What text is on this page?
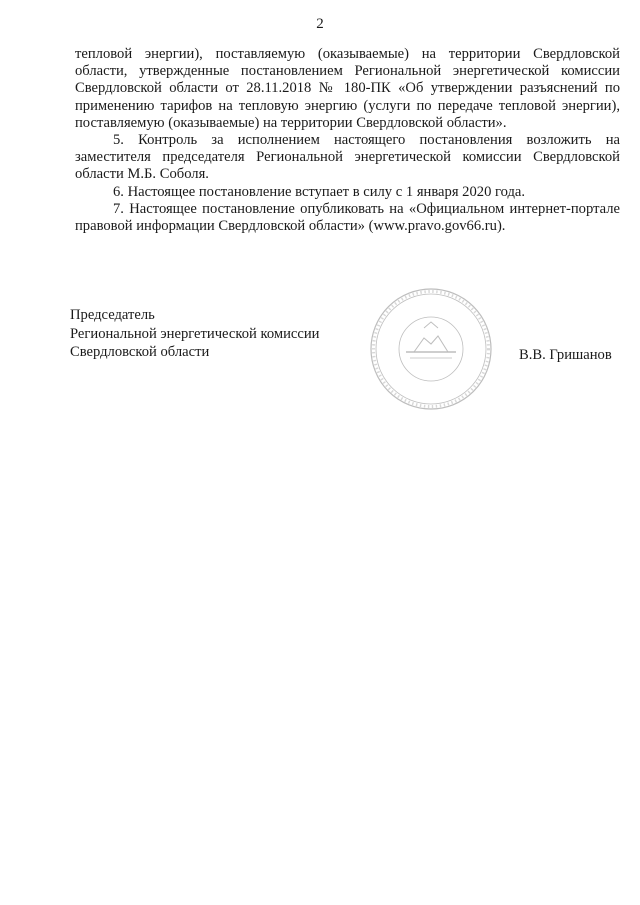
2

тепловой энергии), поставляемую (оказываемые) на территории Свердловской области, утвержденные постановлением Региональной энергетической комиссии Свердловской области от 28.11.2018 № 180-ПК «Об утверждении разъяснений по применению тарифов на тепловую энергию (услуги по передаче тепловой энергии), поставляемую (оказываемые) на территории Свердловской области».

5. Контроль за исполнением настоящего постановления возложить на заместителя председателя Региональной энергетической комиссии Свердловской области М.Б. Соболя.

6. Настоящее постановление вступает в силу с 1 января 2020 года.

7. Настоящее постановление опубликовать на «Официальном интернет-портале правовой информации Свердловской области» (www.pravo.gov66.ru).

Председатель
Региональной энергетической комиссии
Свердловской области	В.В. Гришанов
